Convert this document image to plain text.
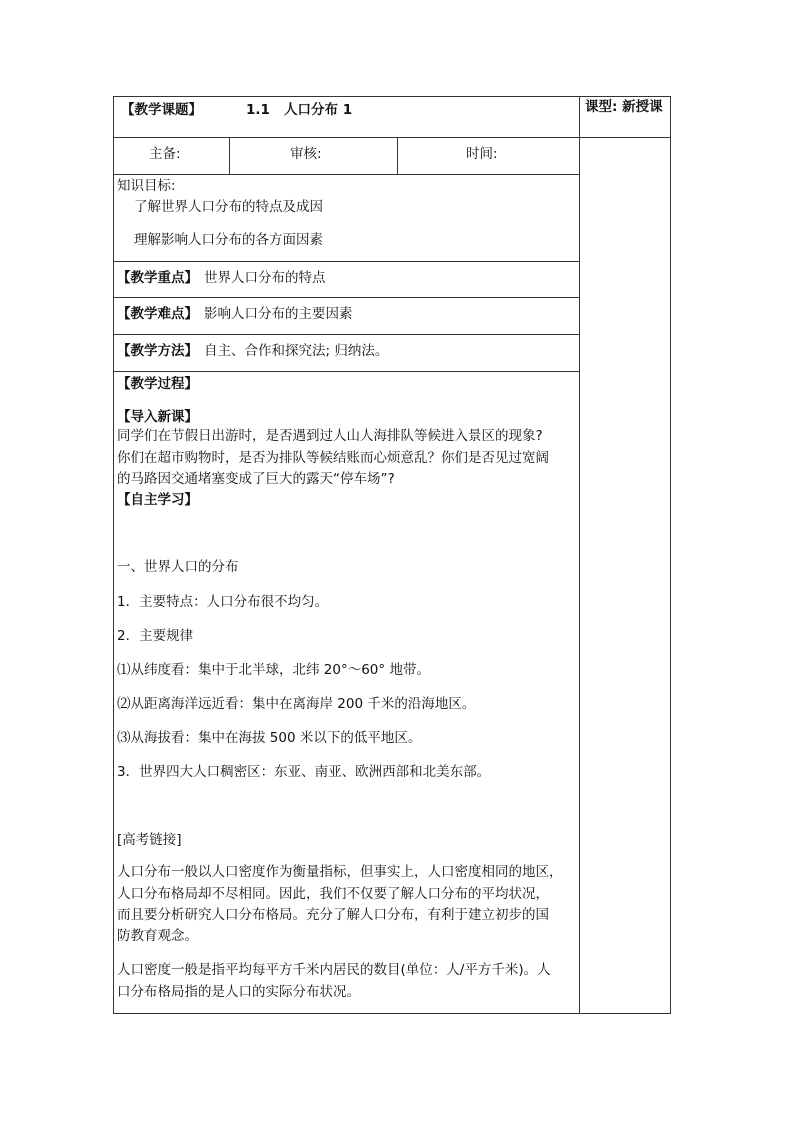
【教学课题】	1.1 人口分布 1	课型: 新授课
主备:	审核:	时间:
知识目标:
了解世界人口分布的特点及成因
理解影响人口分布的各方面因素
【教学重点】 世界人口分布的特点
【教学难点】 影响人口分布的主要因素
【教学方法】 自主、合作和探究法; 归纳法。
【教学过程】
【导入新课】
同学们在节假日出游时，是否遇到过人山人海排队等候进入景区的现象?
你们在超市购物时，是否为排队等候结账而心烦意乱？你们是否见过宽阔
的马路因交通堵塞变成了巨大的露天“停车场”?
【自主学习】
一、世界人口的分布
1．主要特点：人口分布很不均匀。
2．主要规律
⑴从纬度看：集中于北半球，北纬 20°～60° 地带。
⑵从距离海洋远近看：集中在离海岸 200 千米的沿海地区。
⑶从海拔看：集中在海拔 500 米以下的低平地区。
3．世界四大人口稠密区：东亚、南亚、欧洲西部和北美东部。
[高考链接]
人口分布一般以人口密度作为衡量指标，但事实上，人口密度相同的地区，
人口分布格局却不尽相同。因此，我们不仅要了解人口分布的平均状况，
而且要分析研究人口分布格局。充分了解人口分布，有利于建立初步的国
防教育观念。
人口密度一般是指平均每平方千米内居民的数目(单位：人/平方千米)。人
口分布格局指的是人口的实际分布状况。
